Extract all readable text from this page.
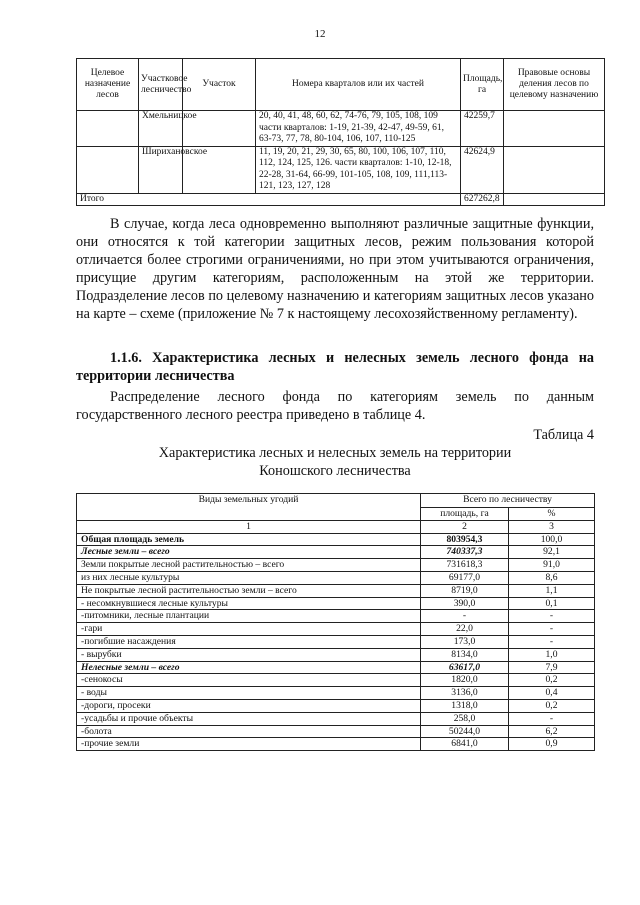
12
Целевое назначение лесов	Участковое лесничество	Участок	Номера кварталов или их частей	Площадь, га	Правовые основы деления лесов по целевому назначению
	Хмельницкое		20, 40, 41, 48, 60, 62, 74-76, 79, 105, 108, 109 части кварталов: 1-19, 21-39, 42-47, 49-59, 61, 63-73, 77, 78, 80-104, 106, 107, 110-125	42259,7	
	Ширихановское		11, 19, 20, 21, 29, 30, 65, 80, 100, 106, 107, 110, 112, 124, 125, 126. части кварталов: 1-10, 12-18, 22-28, 31-64, 66-99, 101-105, 108, 109, 111,113-121, 123, 127, 128	42624,9	
Итого				627262,8	

В случае, когда леса одновременно выполняют различные защитные функции, они относятся к той категории защитных лесов, режим пользования которой отличается более строгими ограничениями, но при этом учитываются ограничения, присущие другим категориям, расположенным на этой же территории. Подразделение лесов по целевому назначению и категориям защитных лесов указано на карте – схеме (приложение № 7 к настоящему лесохозяйственному регламенту).

1.1.6. Характеристика лесных и нелесных земель лесного фонда на территории лесничества

Распределение лесного фонда по категориям земель по данным государственного лесного реестра приведено в таблице 4.

Таблица 4
Характеристика лесных и нелесных земель на территории
Коношского лесничества
Виды земельных угодий	Всего по лесничеству	
	площадь, га	%
1	2	3
Общая площадь земель	803954,3	100,0
Лесные земли – всего	740337,3	92,1
Земли покрытые лесной растительностью – всего	731618,3	91,0
из них лесные культуры	69177,0	8,6
Не покрытые лесной растительностью земли – всего	8719,0	1,1
- несомкнувшиеся лесные культуры	390,0	0,1
-питомники, лесные плантации	-	-
-гари	22,0	-
-погибшие насаждения	173,0	-
- вырубки	8134,0	1,0
Нелесные земли – всего	63617,0	7,9
-сенокосы	1820,0	0,2
- воды	3136,0	0,4
-дороги, просеки	1318,0	0,2
-усадьбы и прочие объекты	258,0	-
-болота	50244,0	6,2
-прочие земли	6841,0	0,9
